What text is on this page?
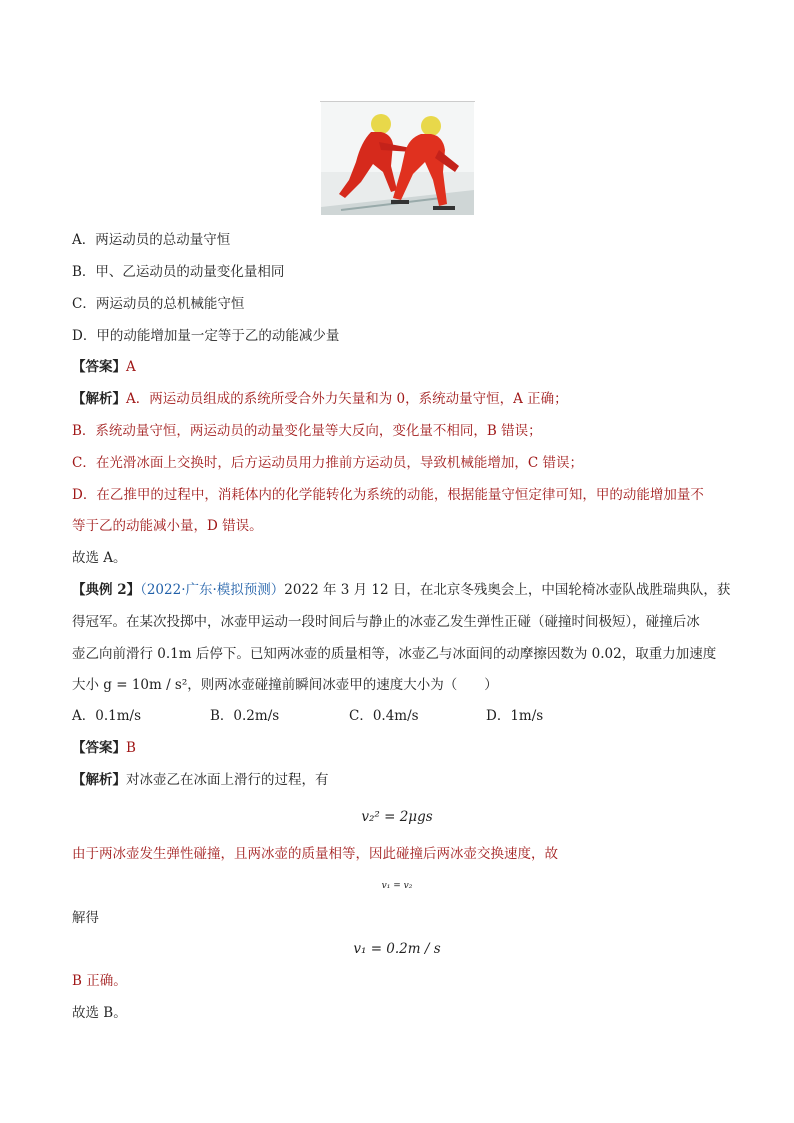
A．两运动员的总动量守恒
B．甲、乙运动员的动量变化量相同
C．两运动员的总机械能守恒
D．甲的动能增加量一定等于乙的动能减少量
【答案】A
【解析】A．两运动员组成的系统所受合外力矢量和为 0，系统动量守恒，A 正确；
B．系统动量守恒，两运动员的动量变化量等大反向，变化量不相同，B 错误；
C．在光滑冰面上交换时，后方运动员用力推前方运动员，导致机械能增加，C 错误；
D．在乙推甲的过程中，消耗体内的化学能转化为系统的动能，根据能量守恒定律可知，甲的动能增加量不
等于乙的动能减小量，D 错误。
故选 A。
【典例 2】（2022·广东·模拟预测）2022 年 3 月 12 日，在北京冬残奥会上，中国轮椅冰壶队战胜瑞典队，获
得冠军。在某次投掷中，冰壶甲运动一段时间后与静止的冰壶乙发生弹性正碰（碰撞时间极短），碰撞后冰
壶乙向前滑行 0.1m 后停下。已知两冰壶的质量相等，冰壶乙与冰面间的动摩擦因数为 0.02，取重力加速度
大小 g = 10m / s²，则两冰壶碰撞前瞬间冰壶甲的速度大小为（　　）
A．0.1m/s	B．0.2m/s	C．0.4m/s	D．1m/s
【答案】B
【解析】对冰壶乙在冰面上滑行的过程，有
v₂² = 2μgs
由于两冰壶发生弹性碰撞，且两冰壶的质量相等，因此碰撞后两冰壶交换速度，故
v₁ = v₂
解得
v₁ = 0.2m / s
B 正确。
故选 B。
